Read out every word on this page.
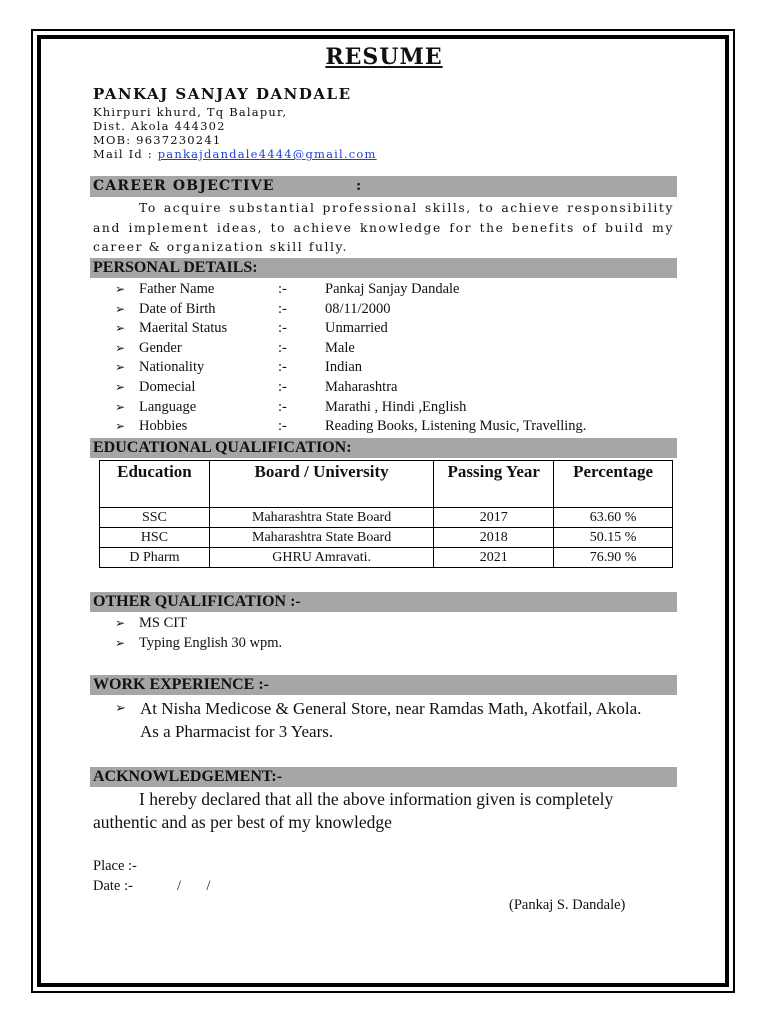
RESUME
PANKAJ SANJAY DANDALE
Khirpuri khurd, Tq Balapur,
Dist. Akola 444302
MOB: 9637230241
Mail Id : pankajdandale4444@gmail.com
CAREER OBJECTIVE	:
To acquire substantial professional skills, to achieve responsibility and implement ideas, to achieve knowledge for the benefits of build my career & organization skill fully.
PERSONAL DETAILS:
➢ Father Name	:-	Pankaj Sanjay Dandale
➢ Date of Birth	:-	08/11/2000
➢ Maerital Status	:-	Unmarried
➢ Gender	:-	Male
➢ Nationality	:-	Indian
➢ Domecial	:-	Maharashtra
➢ Language	:-	Marathi , Hindi ,English
➢ Hobbies	:-	Reading Books, Listening Music, Travelling.
EDUCATIONAL QUALIFICATION:
Education	Board / University	Passing Year	Percentage
SSC	Maharashtra State Board	2017	63.60 %
HSC	Maharashtra State Board	2018	50.15 %
D Pharm	GHRU Amravati.	2021	76.90 %
OTHER QUALIFICATION :-
➢ MS CIT
➢ Typing English 30 wpm.
WORK EXPERIENCE :-
➢ At Nisha Medicose & General Store, near Ramdas Math, Akotfail, Akola. As a Pharmacist for 3 Years.
ACKNOWLEDGEMENT:-
I hereby declared that all the above information given is completely authentic and as per best of my knowledge
Place :-
Date :-	/       /
(Pankaj S. Dandale)
